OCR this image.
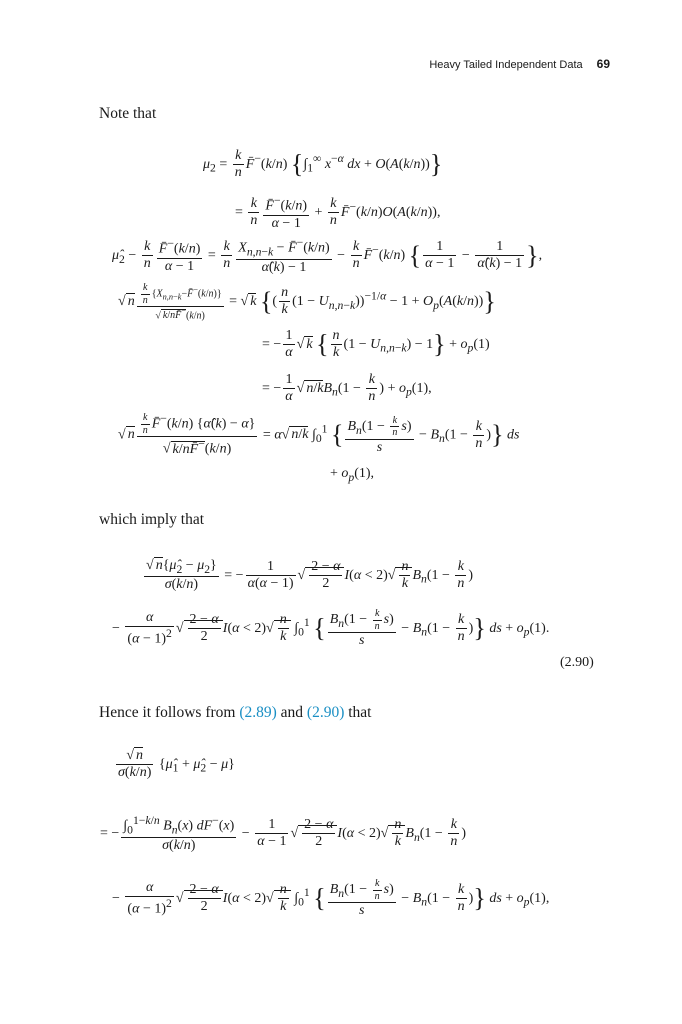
Heavy Tailed Independent Data 69
Note that
$\mu_2 = \frac{k}{n}$ F̄−(k/n) {$\int_1^\infty$ $x^{-\alpha}$ dx + O(A(k/n))}
= $\frac{k}{n} \frac{F̄^-(k/n)}{\alpha - 1} + \frac{k}{n}$ F̄−(k/n)O(A(k/n)),
$\mû_2 - \frac{k}{n} \frac{F̄^-(k/n)}{\alpha - 1} = \frac{k}{n} \frac{X_{n,n-k} - F̄^-(k/n)}{\alphâ(k) - 1} - \frac{k}{n}$ F̄−(k/n) { $\frac{1}{\alpha - 1} - \frac{1}{\alphâ(k) - 1}$ },
√ n $\frac{\frac{k}{n} \{X_{n,n-k}-F̄^-(k/n)\}}{√ k/nF̄^-(k/n)}$ = √ k {( $\frac{n}{k} (1 - U_{n,n-k}))^{-1/\alpha} - 1 + O_p(A(k/n))$}
= − $\frac{1}{\alpha}$ √ k { $\frac{n}{k} (1 - U_{n,n-k}) - 1\} + o_p(1)$
= − $\frac{1}{\alpha}$ √ $n/kB_n(1 - \frac{k}{n}$ ) + $o_p(1)$,
√ n $\frac{\frac{k}{n} F̄^-(k/n) \{\alphâ(k) - \alpha\}}{√ k/nF̄^-(k/n)} = \alpha√$ n/k $\int_0^1$ { $\frac{B_n(1 - \frac{k}{n} s)}{s} - B_n(1 - \frac{k}{n}$ )} ds
+ $o_p(1)$,
which imply that
$\frac{√ n\{\mû_2 - \mu_2\}}{\sigma(k/n)}$ = − $\frac{1}{\alpha(\alpha - 1)}$ √ $\frac{2 - \alpha}{2} I(\alpha < 2)√ \frac{n}{k} B_n(1 - \frac{k}{n}$ )
− $\frac{\alpha}{(\alpha - 1)^2}$ √ $\frac{2 - \alpha}{2} I(\alpha < 2)√ \frac{n}{k} \int_0^1$ { $\frac{B_n(1 - \frac{k}{n} s)}{s} - B_n(1 - \frac{k}{n}$ )} ds + $o_p(1)$.
(2.90)
Hence it follows from (2.89) and (2.90) that
$\frac{√ n}{\sigma(k/n)}$ {$\mû_1$ + $\mû_2 - \mu$}
= − $\frac{\int_0^{1-k/n} B_n(x) dF^-(x)}{\sigma(k/n)} - \frac{1}{\alpha - 1}$ √ $\frac{2 - \alpha}{2} I(\alpha < 2)√ \frac{n}{k} B_n(1 - \frac{k}{n}$ )
− $\frac{\alpha}{(\alpha - 1)^2}$ √ $\frac{2 - \alpha}{2} I(\alpha < 2)√ \frac{n}{k} \int_0^1$ { $\frac{B_n(1 - \frac{k}{n} s)}{s} - B_n(1 - \frac{k}{n}$ )} ds + $o_p(1)$,
